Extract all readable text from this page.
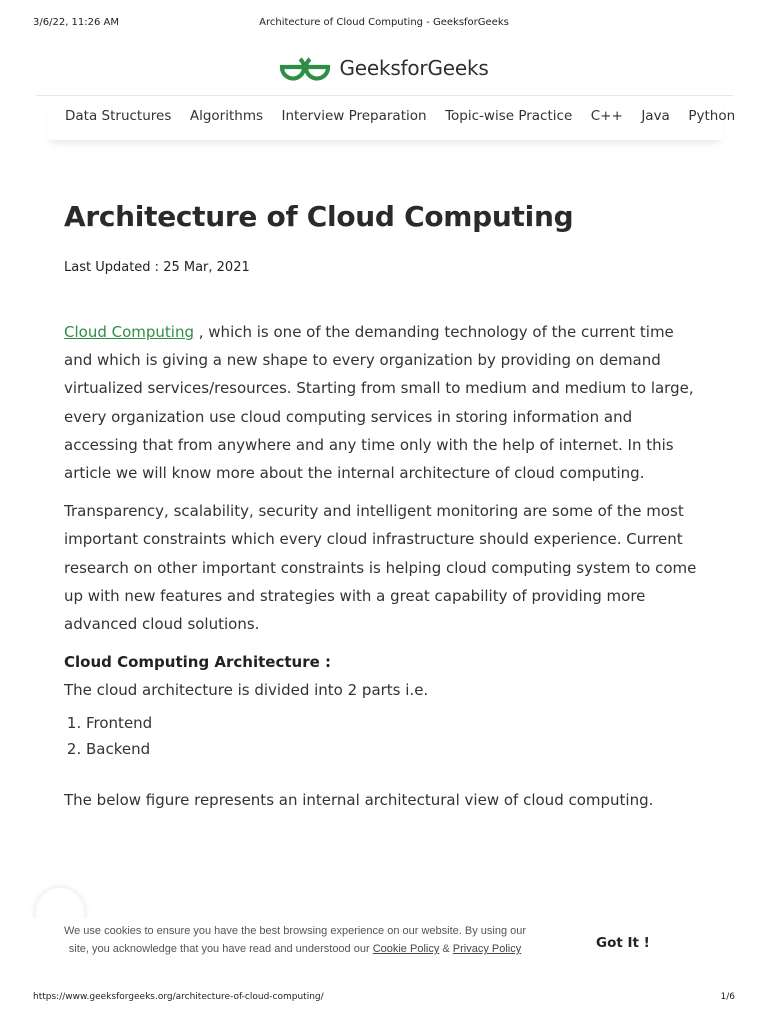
3/6/22, 11:26 AM	Architecture of Cloud Computing - GeeksforGeeks
GeeksforGeeks
Data Structures Algorithms Interview Preparation Topic-wise Practice C++ Java Python
Architecture of Cloud Computing
Last Updated : 25 Mar, 2021

Cloud Computing , which is one of the demanding technology of the current time and which is giving a new shape to every organization by providing on demand virtualized services/resources. Starting from small to medium and medium to large, every organization use cloud computing services in storing information and accessing that from anywhere and any time only with the help of internet. In this article we will know more about the internal architecture of cloud computing.

Transparency, scalability, security and intelligent monitoring are some of the most important constraints which every cloud infrastructure should experience. Current research on other important constraints is helping cloud computing system to come up with new features and strategies with a great capability of providing more advanced cloud solutions.

Cloud Computing Architecture :
The cloud architecture is divided into 2 parts i.e.
1. Frontend
2. Backend
The below figure represents an internal architectural view of cloud computing.
We use cookies to ensure you have the best browsing experience on our website. By using our site, you acknowledge that you have read and understood our Cookie Policy & Privacy Policy	Got It !
https://www.geeksforgeeks.org/architecture-of-cloud-computing/	1/6
